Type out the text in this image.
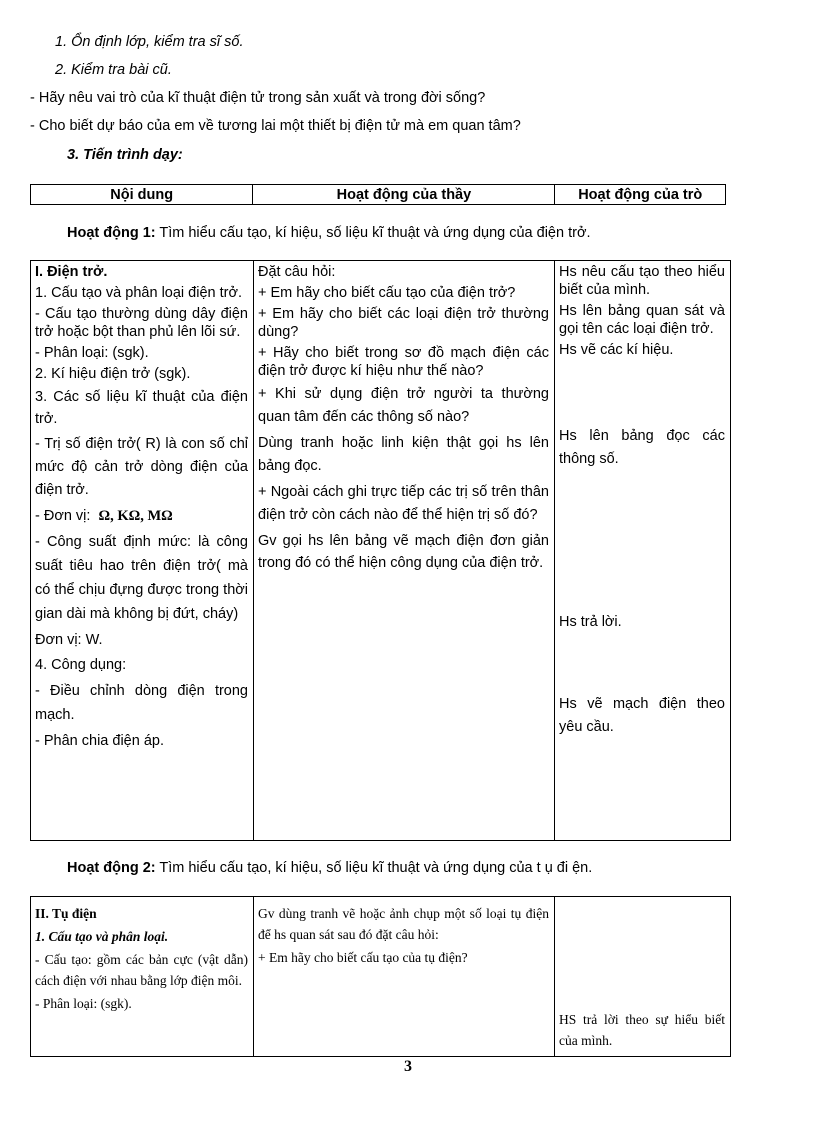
1. Ổn định lớp, kiểm tra sĩ số.
2. Kiểm tra bài cũ.
- Hãy nêu vai trò của kĩ thuật điện tử trong sản xuất và trong đời sống?
- Cho biết dự báo của em về tương lai một thiết bị điện tử mà em quan tâm?
3. Tiến trình dạy:
Nội dung	Hoạt động của thầy	Hoạt động của trò
Hoạt động 1: Tìm hiểu cấu tạo, kí hiệu, số liệu kĩ thuật và ứng dụng của điện trở.

I. Điện trở.

1. Cấu tạo và phân loại điện trở.

- Cấu tạo thường dùng dây điện trở hoặc bột than phủ lên lõi sứ.

- Phân loại: (sgk).

2. Kí hiệu điện trở (sgk).

3. Các số liệu kĩ thuật của điện trở.

- Trị số điện trở( R) là con số chỉ mức độ cản trở dòng điện của điện trở.

- Đơn vị: Ω, KΩ, MΩ

- Công suất định mức: là công suất tiêu hao trên điện trở( mà có thể chịu đựng được trong thời gian dài mà không bị đứt, cháy)

Đơn vị: W.

4. Công dụng:

- Điều chỉnh dòng điện trong mạch.

- Phân chia điện áp.

Đặt câu hỏi:

+ Em hãy cho biết cấu tạo của điện trở?

+ Em hãy cho biết các loại điện trở thường dùng?

+ Hãy cho biết trong sơ đồ mạch điện các điện trở được kí hiệu như thế nào?

+ Khi sử dụng điện trở người ta thường quan tâm đến các thông số nào?

Dùng tranh hoặc linh kiện thật gọi hs lên bảng đọc.

+ Ngoài cách ghi trực tiếp các trị số trên thân điện trở còn cách nào để thể hiện trị số đó?

Gv gọi hs lên bảng vẽ mạch điện đơn giản trong đó có thể hiện công dụng của điện trở.

Hs nêu cấu tạo theo hiểu biết của mình.

Hs lên bảng quan sát và gọi tên các loại điện trở.

Hs vẽ các kí hiệu.

Hs lên bảng đọc các thông số.

Hs trả lời.

Hs vẽ mạch điện theo yêu cầu.

Hoạt động 2: Tìm hiểu cấu tạo, kí hiệu, số liệu kĩ thuật và ứng dụng của t ụ đi ện.

II. Tụ điện

1. Cấu tạo và phân loại.

- Cấu tạo: gồm các bản cực (vật dẫn) cách điện với nhau bằng lớp điện môi.

- Phân loại: (sgk).

Gv dùng tranh vẽ hoặc ảnh chụp một số loại tụ điện để hs quan sát sau đó đặt câu hỏi:

+ Em hãy cho biết cấu tạo của tụ điện?

HS trả lời theo sự hiểu biết của mình.

3
